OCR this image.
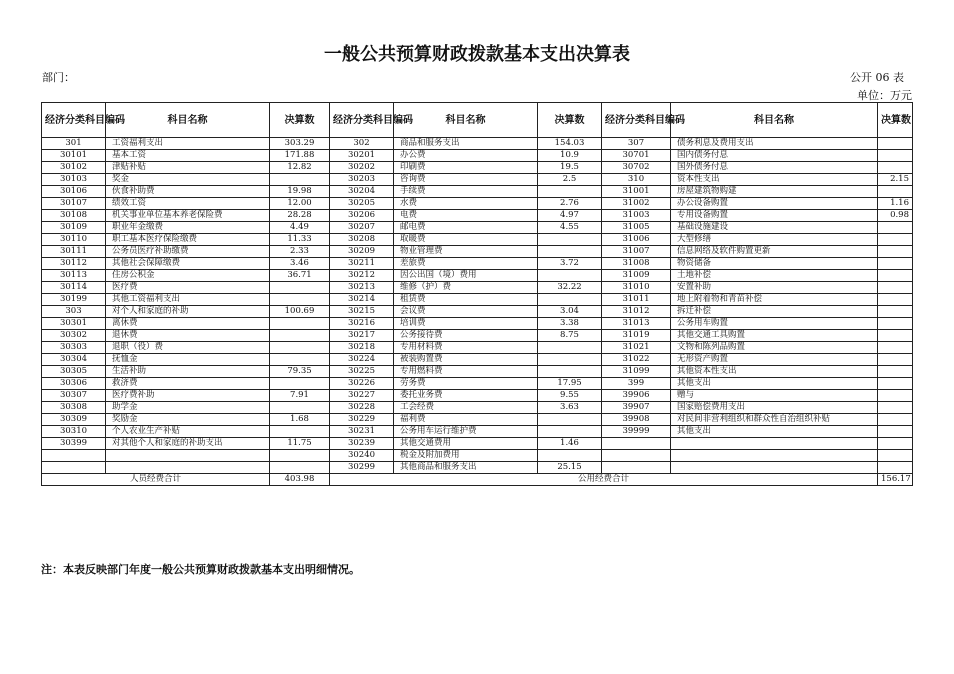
一般公共预算财政拨款基本支出决算表
部门：	公开 06 表
单位：万元
经济分类科目编码	科目名称	决算数	经济分类科目编码	科目名称	决算数	经济分类科目编码	科目名称	决算数
301	工资福利支出	303.29	302	商品和服务支出	154.03	307	债务利息及费用支出	
30101	基本工资	171.88	30201	办公费	10.9	30701	国内债务付息	
30102	津贴补贴	12.82	30202	印刷费	19.5	30702	国外债务付息	
30103	奖金		30203	咨询费	2.5	310	资本性支出	2.15
30106	伙食补助费	19.98	30204	手续费		31001	房屋建筑物购建	
30107	绩效工资	12.00	30205	水费	2.76	31002	办公设备购置	1.16
30108	机关事业单位基本养老保险费	28.28	30206	电费	4.97	31003	专用设备购置	0.98
30109	职业年金缴费	4.49	30207	邮电费	4.55	31005	基础设施建设	
30110	职工基本医疗保险缴费	11.33	30208	取暖费		31006	大型修缮	
30111	公务员医疗补助缴费	2.33	30209	物业管理费		31007	信息网络及软件购置更新	
30112	其他社会保障缴费	3.46	30211	差旅费	3.72	31008	物资储备	
30113	住房公积金	36.71	30212	因公出国（境）费用		31009	土地补偿	
30114	医疗费		30213	维修（护）费	32.22	31010	安置补助	
30199	其他工资福利支出		30214	租赁费		31011	地上附着物和青苗补偿	
303	对个人和家庭的补助	100.69	30215	会议费	3.04	31012	拆迁补偿	
30301	离休费		30216	培训费	3.38	31013	公务用车购置	
30302	退休费		30217	公务接待费	8.75	31019	其他交通工具购置	
30303	退职（役）费		30218	专用材料费		31021	文物和陈列品购置	
30304	抚恤金		30224	被装购置费		31022	无形资产购置	
30305	生活补助	79.35	30225	专用燃料费		31099	其他资本性支出	
30306	救济费		30226	劳务费	17.95	399	其他支出	
30307	医疗费补助	7.91	30227	委托业务费	9.55	39906	赠与	
30308	助学金		30228	工会经费	3.63	39907	国家赔偿费用支出	
30309	奖励金	1.68	30229	福利费		39908	对民间非营利组织和群众性自治组织补贴	
30310	个人农业生产补贴		30231	公务用车运行维护费		39999	其他支出	
30399	对其他个人和家庭的补助支出	11.75	30239	其他交通费用	1.46			
			30240	税金及附加费用				
			30299	其他商品和服务支出	25.15			
人员经费合计		403.98	公用经费合计					156.17
注：本表反映部门年度一般公共预算财政拨款基本支出明细情况。
